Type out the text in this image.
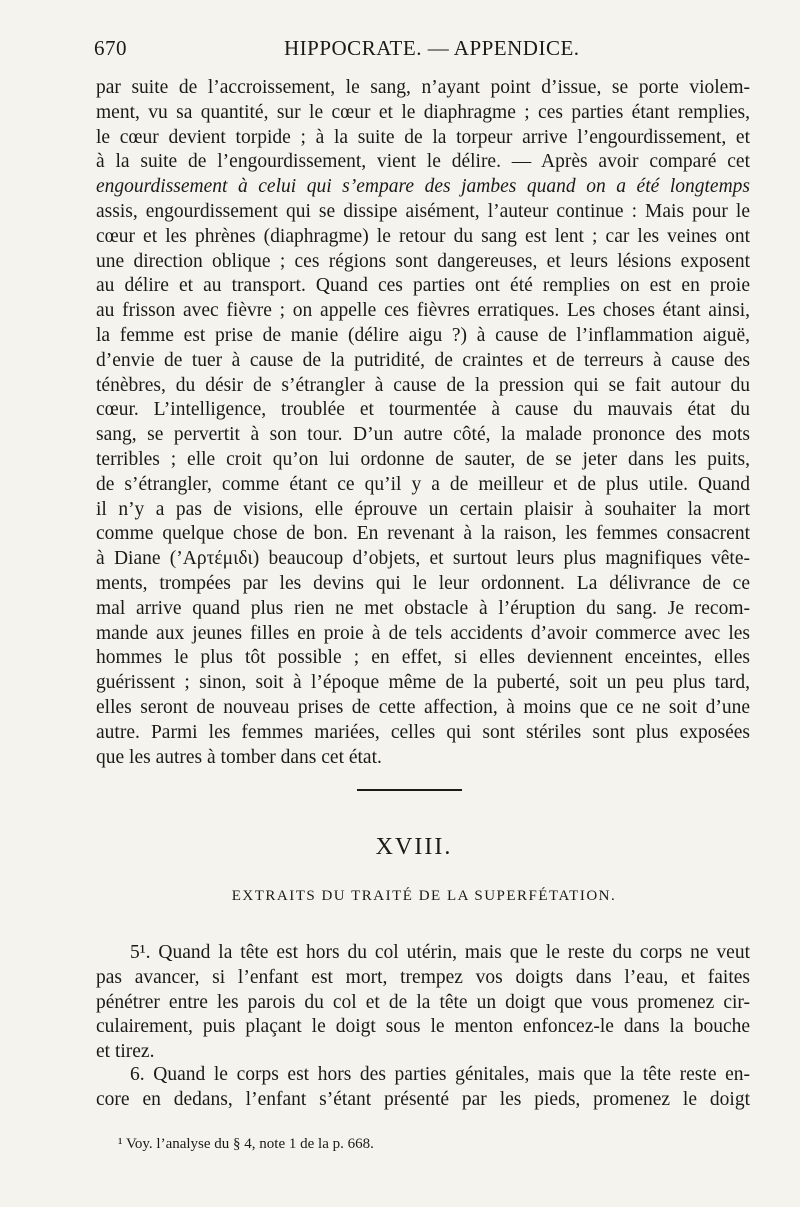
670	HIPPOCRATE. — APPENDICE.
par suite de l’accroissement, le sang, n’ayant point d’issue, se porte violem-
ment, vu sa quantité, sur le cœur et le diaphragme ; ces parties étant remplies,
le cœur devient torpide ; à la suite de la torpeur arrive l’engourdissement, et
à la suite de l’engourdissement, vient le délire. — Après avoir comparé cet
engourdissement à celui qui s’empare des jambes quand on a été longtemps
assis, engourdissement qui se dissipe aisément, l’auteur continue : Mais pour le
cœur et les phrènes (diaphragme) le retour du sang est lent ; car les veines ont
une direction oblique ; ces régions sont dangereuses, et leurs lésions exposent
au délire et au transport. Quand ces parties ont été remplies on est en proie
au frisson avec fièvre ; on appelle ces fièvres erratiques. Les choses étant ainsi,
la femme est prise de manie (délire aigu ?) à cause de l’inflammation aiguë,
d’envie de tuer à cause de la putridité, de craintes et de terreurs à cause des
ténèbres, du désir de s’étrangler à cause de la pression qui se fait autour du
cœur. L’intelligence, troublée et tourmentée à cause du mauvais état du
sang, se pervertit à son tour. D’un autre côté, la malade prononce des mots
terribles ; elle croit qu’on lui ordonne de sauter, de se jeter dans les puits,
de s’étrangler, comme étant ce qu’il y a de meilleur et de plus utile. Quand
il n’y a pas de visions, elle éprouve un certain plaisir à souhaiter la mort
comme quelque chose de bon. En revenant à la raison, les femmes consacrent
à Diane (’Αρτέμιδι) beaucoup d’objets, et surtout leurs plus magnifiques vête-
ments, trompées par les devins qui le leur ordonnent. La délivrance de ce
mal arrive quand plus rien ne met obstacle à l’éruption du sang. Je recom-
mande aux jeunes filles en proie à de tels accidents d’avoir commerce avec les
hommes le plus tôt possible ; en effet, si elles deviennent enceintes, elles
guérissent ; sinon, soit à l’époque même de la puberté, soit un peu plus tard,
elles seront de nouveau prises de cette affection, à moins que ce ne soit d’une
autre. Parmi les femmes mariées, celles qui sont stériles sont plus exposées
que les autres à tomber dans cet état.
XVIII.
EXTRAITS DU TRAITÉ DE LA SUPERFÉTATION.
5¹. Quand la tête est hors du col utérin, mais que le reste du corps ne veut
pas avancer, si l’enfant est mort, trempez vos doigts dans l’eau, et faites
pénétrer entre les parois du col et de la tête un doigt que vous promenez cir-
culairement, puis plaçant le doigt sous le menton enfoncez-le dans la bouche
et tirez.
6. Quand le corps est hors des parties génitales, mais que la tête reste en-
core en dedans, l’enfant s’étant présenté par les pieds, promenez le doigt
¹ Voy. l’analyse du § 4, note 1 de la p. 668.
